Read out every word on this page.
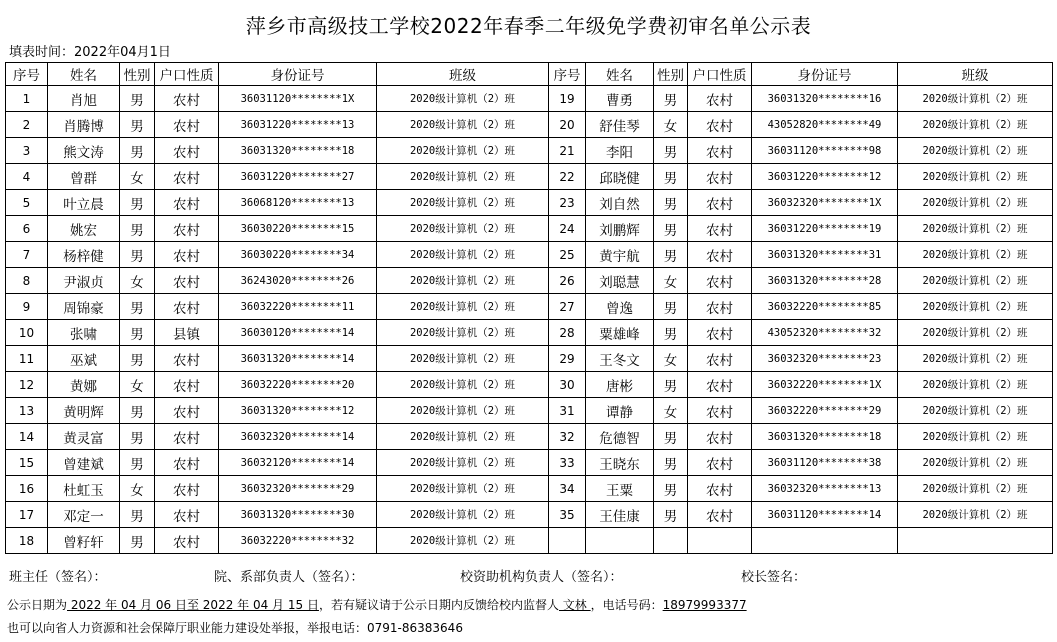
萍乡市高级技工学校2022年春季二年级免学费初审名单公示表
填表时间：2022年04月1日
序号	姓名	性别	户口性质	身份证号	班级	序号	姓名	性别	户口性质	身份证号	班级
1	肖旭	男	农村	36031120********1X	2020级计算机（2）班	19	曹勇	男	农村	36031320********16	2020级计算机（2）班
2	肖腾博	男	农村	36031220********13	2020级计算机（2）班	20	舒佳琴	女	农村	43052820********49	2020级计算机（2）班
3	熊文涛	男	农村	36031320********18	2020级计算机（2）班	21	李阳	男	农村	36031120********98	2020级计算机（2）班
4	曾群	女	农村	36031220********27	2020级计算机（2）班	22	邱晓健	男	农村	36031220********12	2020级计算机（2）班
5	叶立晨	男	农村	36068120********13	2020级计算机（2）班	23	刘自然	男	农村	36032320********1X	2020级计算机（2）班
6	姚宏	男	农村	36030220********15	2020级计算机（2）班	24	刘鹏辉	男	农村	36031220********19	2020级计算机（2）班
7	杨梓健	男	农村	36030220********34	2020级计算机（2）班	25	黄宇航	男	农村	36031320********31	2020级计算机（2）班
8	尹淑贞	女	农村	36243020********26	2020级计算机（2）班	26	刘聪慧	女	农村	36031320********28	2020级计算机（2）班
9	周锦豪	男	农村	36032220********11	2020级计算机（2）班	27	曾逸	男	农村	36032220********85	2020级计算机（2）班
10	张啸	男	县镇	36030120********14	2020级计算机（2）班	28	粟雄峰	男	农村	43052320********32	2020级计算机（2）班
11	巫斌	男	农村	36031320********14	2020级计算机（2）班	29	王冬文	女	农村	36032320********23	2020级计算机（2）班
12	黄娜	女	农村	36032220********20	2020级计算机（2）班	30	唐彬	男	农村	36032220********1X	2020级计算机（2）班
13	黄明辉	男	农村	36031320********12	2020级计算机（2）班	31	谭静	女	农村	36032220********29	2020级计算机（2）班
14	黄灵富	男	农村	36032320********14	2020级计算机（2）班	32	危德智	男	农村	36031320********18	2020级计算机（2）班
15	曾建斌	男	农村	36032120********14	2020级计算机（2）班	33	王晓东	男	农村	36031120********38	2020级计算机（2）班
16	杜虹玉	女	农村	36032320********29	2020级计算机（2）班	34	王粟	男	农村	36032320********13	2020级计算机（2）班
17	邓定一	男	农村	36031320********30	2020级计算机（2）班	35	王佳康	男	农村	36031120********14	2020级计算机（2）班
18	曾籽轩	男	农村	36032220********32	2020级计算机（2）班						
班主任（签名）：	院、系部负责人（签名）：	校资助机构负责人（签名）：	校长签名：
公示日期为 2022 年 04 月 06 日至 2022 年 04 月 15 日，若有疑议请于公示日期内反馈给校内监督人 文林 ，电话号码：18979993377
也可以向省人力资源和社会保障厅职业能力建设处举报，举报电话：0791-86383646
